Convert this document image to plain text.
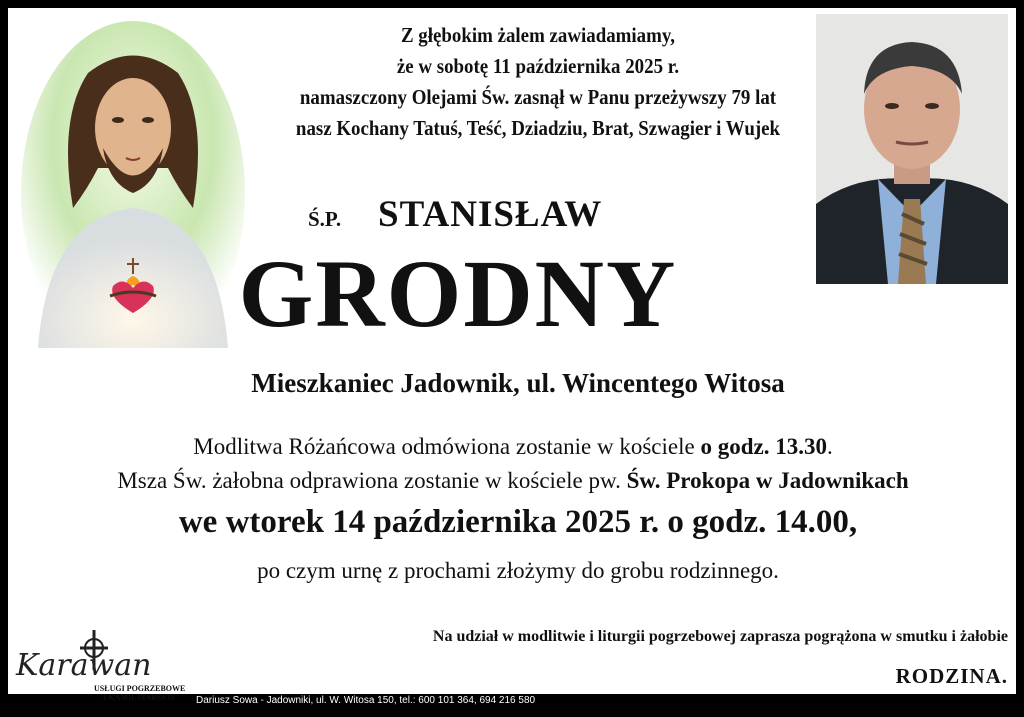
Z głębokim żalem zawiadamiamy,
że w sobotę 11 października 2025 r.
namaszczony Olejami Św. zasnął w Panu przeżywszy 79 lat
nasz Kochany Tatuś, Teść, Dziadziu, Brat, Szwagier i Wujek
Ś.P. STANISŁAW
GRODNY
Mieszkaniec Jadownik, ul. Wincentego Witosa
Modlitwa Różańcowa odmówiona zostanie w kościele o godz. 13.30.
Msza Św. żałobna odprawiona zostanie w kościele pw. Św. Prokopa w Jadownikach
we wtorek 14 października 2025 r. o godz. 14.00,
po czym urnę z prochami złożymy do grobu rodzinnego.
Na udział w modlitwie i liturgii pogrzebowej zaprasza pogrążona w smutku i żałobie
RODZINA.
Karawan
USŁUGI POGRZEBOWE
I KAMIENIARSKIE	Dariusz Sowa - Jadowniki, ul. W. Witosa 150, tel.: 600 101 364, 694 216 580
